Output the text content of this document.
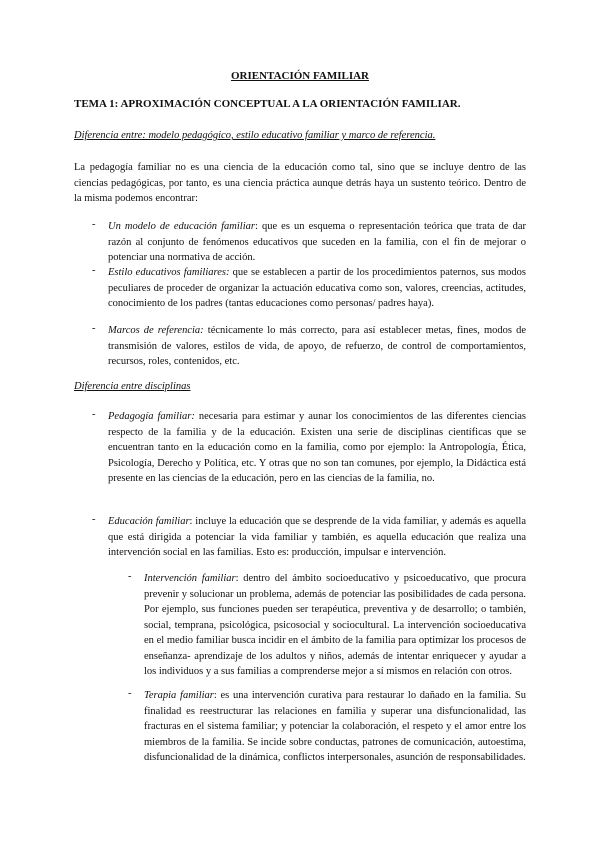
ORIENTACIÓN FAMILIAR
TEMA 1: APROXIMACIÓN CONCEPTUAL A LA ORIENTACIÓN FAMILIAR.
Diferencia entre: modelo pedagógico, estilo educativo familiar y marco de referencia.
La pedagogía familiar no es una ciencia de la educación como tal, sino que se incluye dentro de las ciencias pedagógicas, por tanto, es una ciencia práctica aunque detrás haya un sustento teórico. Dentro de la misma podemos encontrar:
- Un modelo de educación familiar: que es un esquema o representación teórica que trata de dar razón al conjunto de fenómenos educativos que suceden en la familia, con el fin de mejorar o potenciar una normativa de acción.
- Estilo educativos familiares: que se establecen a partir de los procedimientos paternos, sus modos peculiares de proceder de organizar la actuación educativa como son, valores, creencias, actitudes, conocimiento de los padres (tantas educaciones como personas/ padres haya).
- Marcos de referencia: técnicamente lo más correcto, para así establecer metas, fines, modos de transmisión de valores, estilos de vida, de apoyo, de refuerzo, de control de comportamientos, recursos, roles, contenidos, etc.
Diferencia entre disciplinas
- Pedagogía familiar: necesaria para estimar y aunar los conocimientos de las diferentes ciencias respecto de la familia y de la educación. Existen una serie de disciplinas científicas que se encuentran tanto en la educación como en la familia, como por ejemplo: la Antropología, Ética, Psicología, Derecho y Política, etc. Y otras que no son tan comunes, por ejemplo, la Didáctica está presente en las ciencias de la educación, pero en las ciencias de la familia, no.
- Educación familiar: incluye la educación que se desprende de la vida familiar, y además es aquella que está dirigida a potenciar la vida familiar y también, es aquella educación que realiza una intervención social en las familias. Esto es: producción, impulsar e intervención.
- Intervención familiar: dentro del ámbito socioeducativo y psicoeducativo, que procura prevenir y solucionar un problema, además de potenciar las posibilidades de cada persona. Por ejemplo, sus funciones pueden ser terapéutica, preventiva y de desarrollo; o también, social, temprana, psicológica, psicosocial y sociocultural. La intervención socioeducativa en el medio familiar busca incidir en el ámbito de la familia para optimizar los procesos de enseñanza- aprendizaje de los adultos y niños, además de intentar enriquecer y ayudar a los individuos y a sus familias a comprenderse mejor a sí mismos en relación con otros.
- Terapia familiar: es una intervención curativa para restaurar lo dañado en la familia. Su finalidad es reestructurar las relaciones en familia y superar una disfuncionalidad, las fracturas en el sistema familiar; y potenciar la colaboración, el respeto y el amor entre los miembros de la familia. Se incide sobre conductas, patrones de comunicación, autoestima, disfuncionalidad de la dinámica, conflictos interpersonales, asunción de responsabilidades.
